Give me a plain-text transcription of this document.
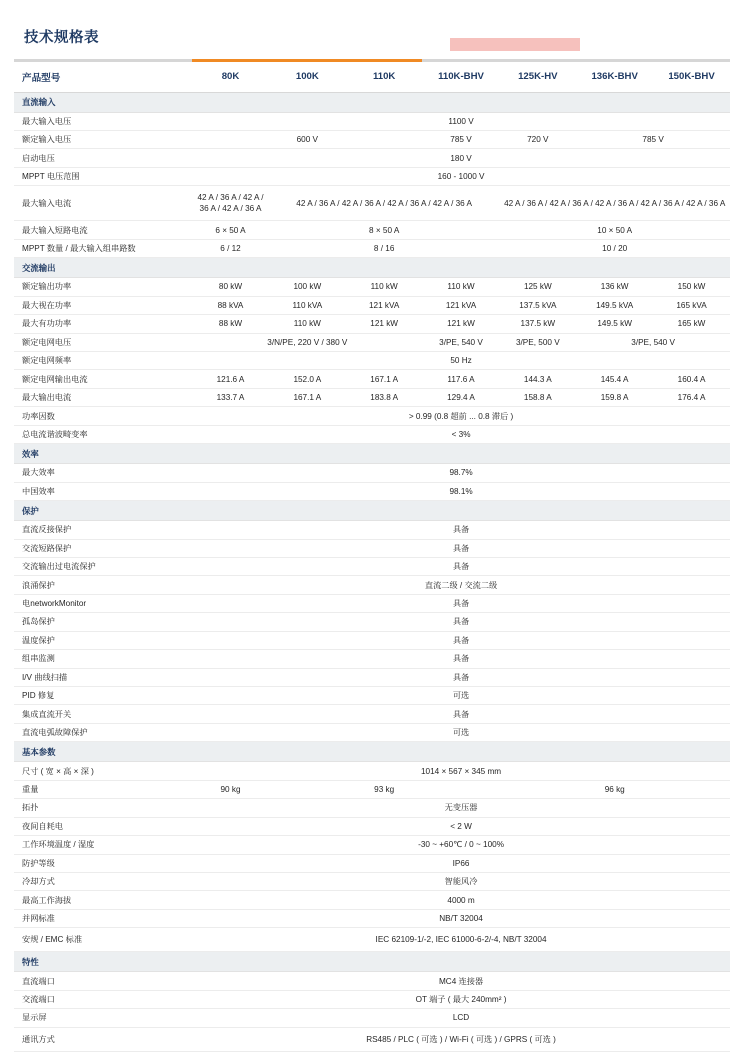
技术规格表
产品型号	80K	100K	110K	110K-BHV	125K-HV	136K-BHV	150K-BHV
直流输入							
最大输入电压	1100 V						
额定输入电压	600 V			785 V	720 V	785 V	
启动电压	180 V						
MPPT 电压范围	160 - 1000 V						
最大输入电流	42 A / 36 A / 42 A / 36 A / 42 A / 36 A	42 A / 36 A / 42 A / 36 A / 42 A / 36 A / 42 A / 36 A			42 A / 36 A / 42 A / 36 A / 42 A / 36 A / 42 A / 36 A / 42 A / 36 A		
最大输入短路电流	6 × 50 A	8 × 50 A			10 × 50 A		
MPPT 数量 / 最大输入组串路数	6 / 12	8 / 16			10 / 20		
交流输出							
额定输出功率	80 kW	100 kW	110 kW	110 kW	125 kW	136 kW	150 kW
最大视在功率	88 kVA	110 kVA	121 kVA	121 kVA	137.5 kVA	149.5 kVA	165 kVA
最大有功功率	88 kW	110 kW	121 kW	121 kW	137.5 kW	149.5 kW	165 kW
额定电网电压	3/N/PE, 220 V / 380 V			3/PE, 540 V	3/PE, 500 V	3/PE, 540 V	
额定电网频率	50 Hz						
额定电网输出电流	121.6 A	152.0 A	167.1 A	117.6 A	144.3 A	145.4 A	160.4 A
最大输出电流	133.7 A	167.1 A	183.8 A	129.4 A	158.8 A	159.8 A	176.4 A
功率因数	> 0.99 (0.8 超前 ... 0.8 滞后 )						
总电流谐波畸变率	< 3%						
效率							
最大效率	98.7%						
中国效率	98.1%						
保护							
直流反接保护	具备						
交流短路保护	具备						
交流输出过电流保护	具备						
浪涌保护	直流二级 / 交流二级						
电networkMonitor	具备						
孤岛保护	具备						
温度保护	具备						
组串监测	具备						
I/V 曲线扫描	具备						
PID 修复	可选						
集成直流开关	具备						
直流电弧故障保护	可选						
基本参数							
尺寸 ( 宽 × 高 × 深 )	1014 × 567 × 345 mm						
重量	90 kg	93 kg			96 kg		
拓扑	无变压器						
夜间自耗电	< 2 W						
工作环境温度 / 湿度	-30 ~ +60℃ / 0 ~ 100%						
防护等级	IP66						
冷却方式	智能风冷						
最高工作海拔	4000 m						
并网标准	NB/T 32004						
安规 / EMC 标准	IEC 62109-1/-2, IEC 61000-6-2/-4, NB/T 32004						
特性							
直流端口	MC4 连接器						
交流端口	OT 端子 ( 最大 240mm² )						
显示屏	LCD						
通讯方式	RS485 / PLC ( 可选 ) / Wi-Fi ( 可选 ) / GPRS ( 可选 )						
